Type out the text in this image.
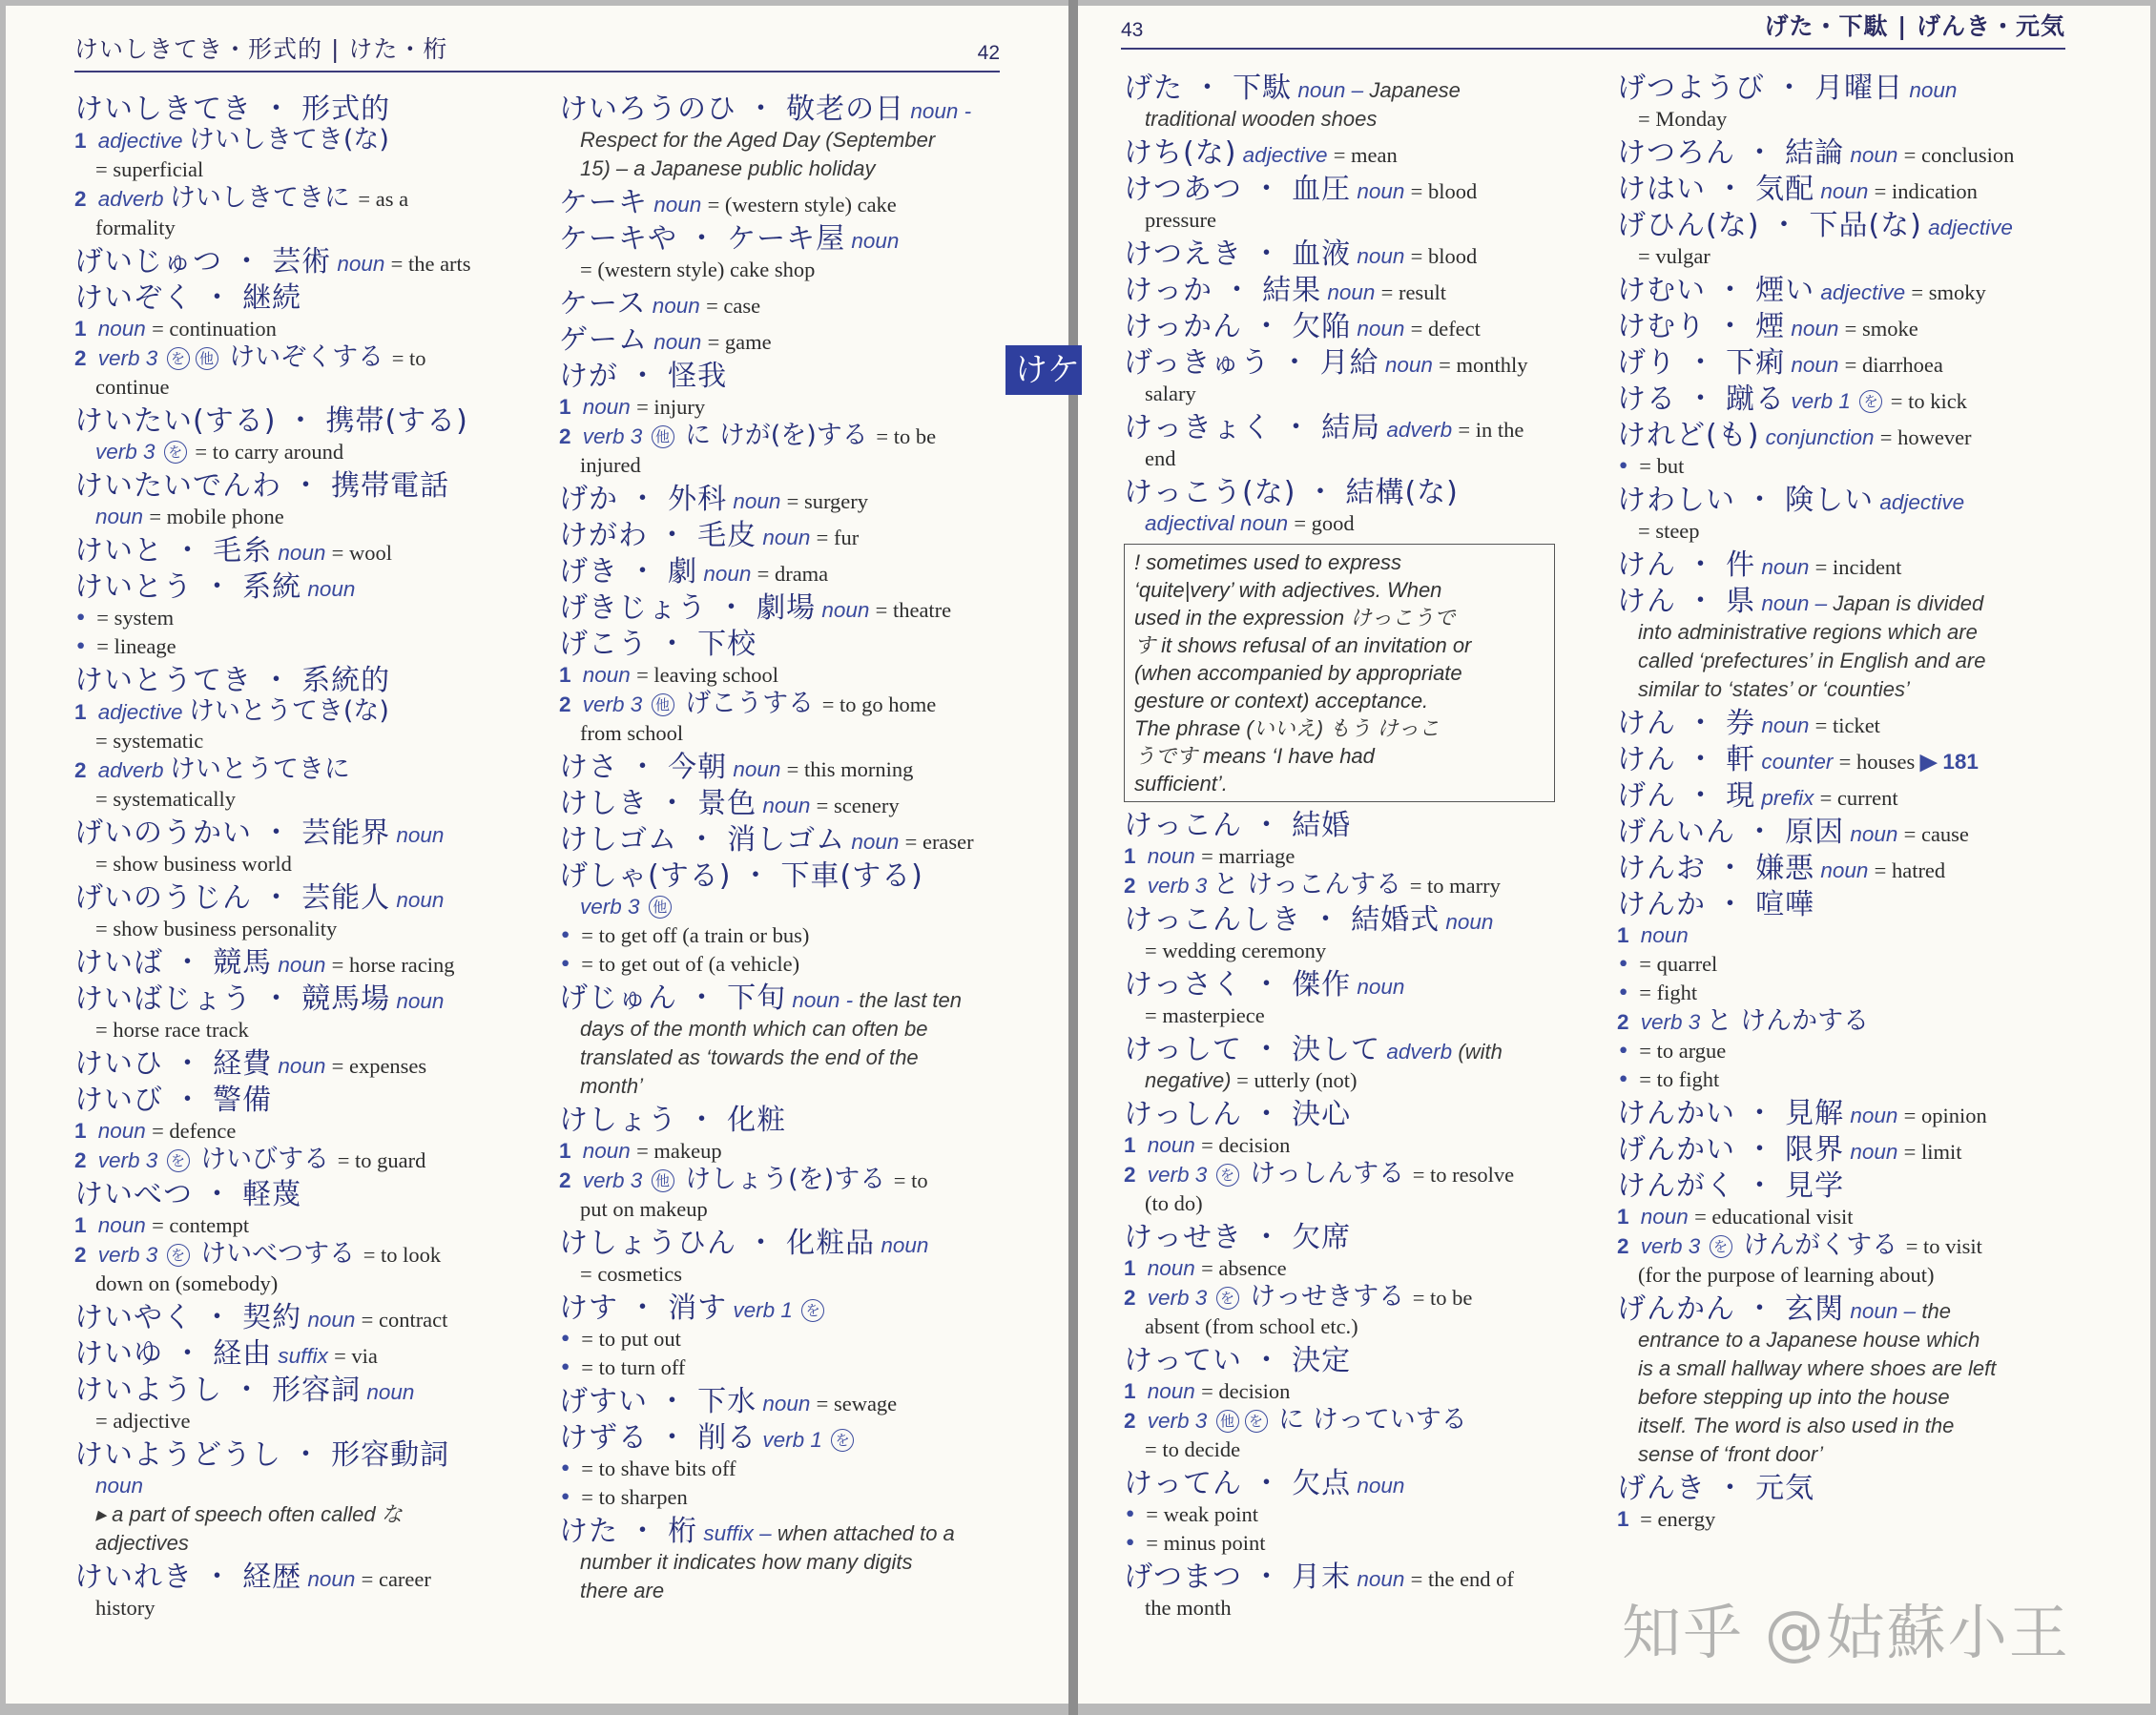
けいしきてき・形式的 | けた・桁	42
けいしきてき ・ 形式的
1 adjective けいしきてき(な)
= superficial
2 adverb けいしきてきに = as a
formality
げいじゅつ ・ 芸術 noun = the arts
けいぞく ・ 継続
1 noun = continuation
2 verb 3 を 他 けいぞくする = to
continue
けいたい(する) ・ 携帯(する)
verb 3 を = to carry around
けいたいでんわ ・ 携帯電話
noun = mobile phone
けいと ・ 毛糸 noun = wool
けいとう ・ 系統 noun
• = system
• = lineage
けいとうてき ・ 系統的
1 adjective けいとうてき(な)
= systematic
2 adverb けいとうてきに
= systematically
げいのうかい ・ 芸能界 noun
= show business world
げいのうじん ・ 芸能人 noun
= show business personality
けいば ・ 競馬 noun = horse racing
けいばじょう ・ 競馬場 noun
= horse race track
けいひ ・ 経費 noun = expenses
けいび ・ 警備
1 noun = defence
2 verb 3 を けいびする = to guard
けいべつ ・ 軽蔑
1 noun = contempt
2 verb 3 を けいべつする = to look
down on (somebody)
けいやく ・ 契約 noun = contract
けいゆ ・ 経由 suffix = via
けいようし ・ 形容詞 noun
= adjective
けいようどうし ・ 形容動詞
noun
▸ a part of speech often called な
adjectives
けいれき ・ 経歴 noun = career
history
けいろうのひ ・ 敬老の日 noun -
Respect for the Aged Day (September
15) – a Japanese public holiday
ケーキ noun = (western style) cake
ケーキや ・ ケーキ屋 noun
= (western style) cake shop
ケース noun = case
ゲーム noun = game
けが ・ 怪我
1 noun = injury
2 verb 3 他 に けが(を)する = to be
injured
げか ・ 外科 noun = surgery
けがわ ・ 毛皮 noun = fur
げき ・ 劇 noun = drama
げきじょう ・ 劇場 noun = theatre
げこう ・ 下校
1 noun = leaving school
2 verb 3 他 げこうする = to go home
from school
けさ ・ 今朝 noun = this morning
けしき ・ 景色 noun = scenery
けしゴム ・ 消しゴム noun = eraser
げしゃ(する) ・ 下車(する)
verb 3 他
• = to get off (a train or bus)
• = to get out of (a vehicle)
げじゅん ・ 下旬 noun - the last ten
days of the month which can often be
translated as ‘towards the end of the
month’
けしょう ・ 化粧
1 noun = makeup
2 verb 3 他 けしょう(を)する = to
put on makeup
けしょうひん ・ 化粧品 noun
= cosmetics
けす ・ 消す verb 1 を
• = to put out
• = to turn off
げすい ・ 下水 noun = sewage
けずる ・ 削る verb 1 を
• = to shave bits off
• = to sharpen
けた ・ 桁 suffix – when attached to a
number it indicates how many digits
there are
43	げた・下駄 | げんき・元気
げた ・ 下駄 noun – Japanese
traditional wooden shoes
けち(な) adjective = mean
けつあつ ・ 血圧 noun = blood
pressure
けつえき ・ 血液 noun = blood
けっか ・ 結果 noun = result
けっかん ・ 欠陥 noun = defect
げっきゅう ・ 月給 noun = monthly
salary
けっきょく ・ 結局 adverb = in the
end
けっこう(な) ・ 結構(な)
adjectival noun = good
! sometimes used to express
‘quite|very’ with adjectives. When
used in the expression けっこうで
す it shows refusal of an invitation or
(when accompanied by appropriate
gesture or context) acceptance.
The phrase (いいえ) もう けっこ
うです means ‘I have had
sufficient’.
けっこん ・ 結婚
1 noun = marriage
2 verb 3 と けっこんする = to marry
けっこんしき ・ 結婚式 noun
= wedding ceremony
けっさく ・ 傑作 noun
= masterpiece
けっして ・ 決して adverb (with
negative) = utterly (not)
けっしん ・ 決心
1 noun = decision
2 verb 3 を けっしんする = to resolve
(to do)
けっせき ・ 欠席
1 noun = absence
2 verb 3 を けっせきする = to be
absent (from school etc.)
けってい ・ 決定
1 noun = decision
2 verb 3 他 を に けっていする
= to decide
けってん ・ 欠点 noun
• = weak point
• = minus point
げつまつ ・ 月末 noun = the end of
the month
げつようび ・ 月曜日 noun
= Monday
けつろん ・ 結論 noun = conclusion
けはい ・ 気配 noun = indication
げひん(な) ・ 下品(な) adjective
= vulgar
けむい ・ 煙い adjective = smoky
けむり ・ 煙 noun = smoke
げり ・ 下痢 noun = diarrhoea
ける ・ 蹴る verb 1 を = to kick
けれど(も) conjunction = however
• = but
けわしい ・ 険しい adjective
= steep
けん ・ 件 noun = incident
けん ・ 県 noun – Japan is divided
into administrative regions which are
called ‘prefectures’ in English and are
similar to ‘states’ or ‘counties’
けん ・ 券 noun = ticket
けん ・ 軒 counter = houses ▶ 181
げん ・ 現 prefix = current
げんいん ・ 原因 noun = cause
けんお ・ 嫌悪 noun = hatred
けんか ・ 喧嘩
1 noun
• = quarrel
• = fight
2 verb 3 と けんかする
• = to argue
• = to fight
けんかい ・ 見解 noun = opinion
げんかい ・ 限界 noun = limit
けんがく ・ 見学
1 noun = educational visit
2 verb 3 を けんがくする = to visit
(for the purpose of learning about)
げんかん ・ 玄関 noun – the
entrance to a Japanese house which
is a small hallway where shoes are left
before stepping up into the house
itself. The word is also used in the
sense of ‘front door’
げんき ・ 元気
1 = energy
けケ
知乎 @姑蘇小王
